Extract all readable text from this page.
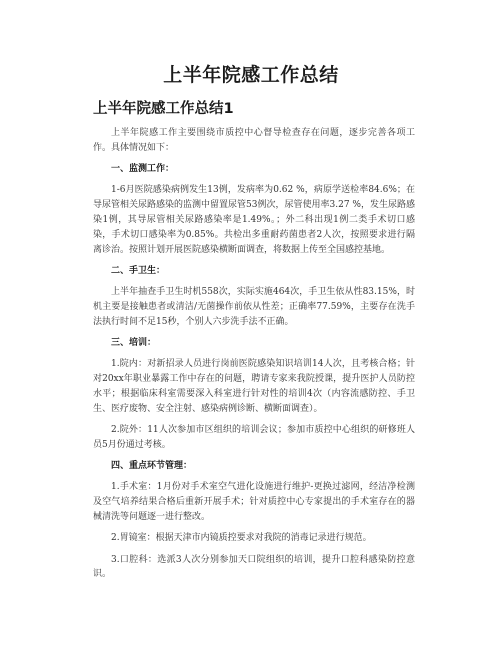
上半年院感工作总结
上半年院感工作总结1

上半年院感工作主要围绕市质控中心督导检查存在问题，逐步完善各项工作。具体情况如下：

一、监测工作：

1-6月医院感染病例发生13例，发病率为0.62 %，病原学送检率84.6%；在导尿管相关尿路感染的监测中留置尿管53例次，尿管使用率3.27 %，发生尿路感染1例，其导尿管相关尿路感染率是1.49%。；外二科出现1例二类手术切口感染，手术切口感染率为0.85%。共检出多重耐药菌患者2人次，按照要求进行隔离诊治。按照计划开展医院感染横断面调查，将数据上传至全国感控基地。

二、手卫生：

上半年抽查手卫生时机558次，实际实施464次，手卫生依从性83.15%，时机主要是接触患者或清洁/无菌操作前依从性差；正确率77.59%，主要存在洗手法执行时间不足15秒，个别人六步洗手法不正确。

三、培训：

1.院内：对新招录人员进行岗前医院感染知识培训14人次，且考核合格；针对20xx年职业暴露工作中存在的问题，聘请专家来我院授课，提升医护人员防控水平；根据临床科室需要深入科室进行针对性的培训4次（内容流感防控、手卫生、医疗废物、安全注射、感染病例诊断、横断面调查）。

2.院外：11人次参加市区组织的培训会议；参加市质控中心组织的研修班人员5月份通过考核。

四、重点环节管理：

1.手术室：1月份对手术室空气进化设施进行维护-更换过滤网，经洁净检测及空气培养结果合格后重新开展手术；针对质控中心专家提出的手术室存在的器械清洗等问题逐一进行整改。

2.胃镜室：根据天津市内镜质控要求对我院的消毒记录进行规范。

3.口腔科：选派3人次分别参加天口院组织的培训，提升口腔科感染防控意识。
